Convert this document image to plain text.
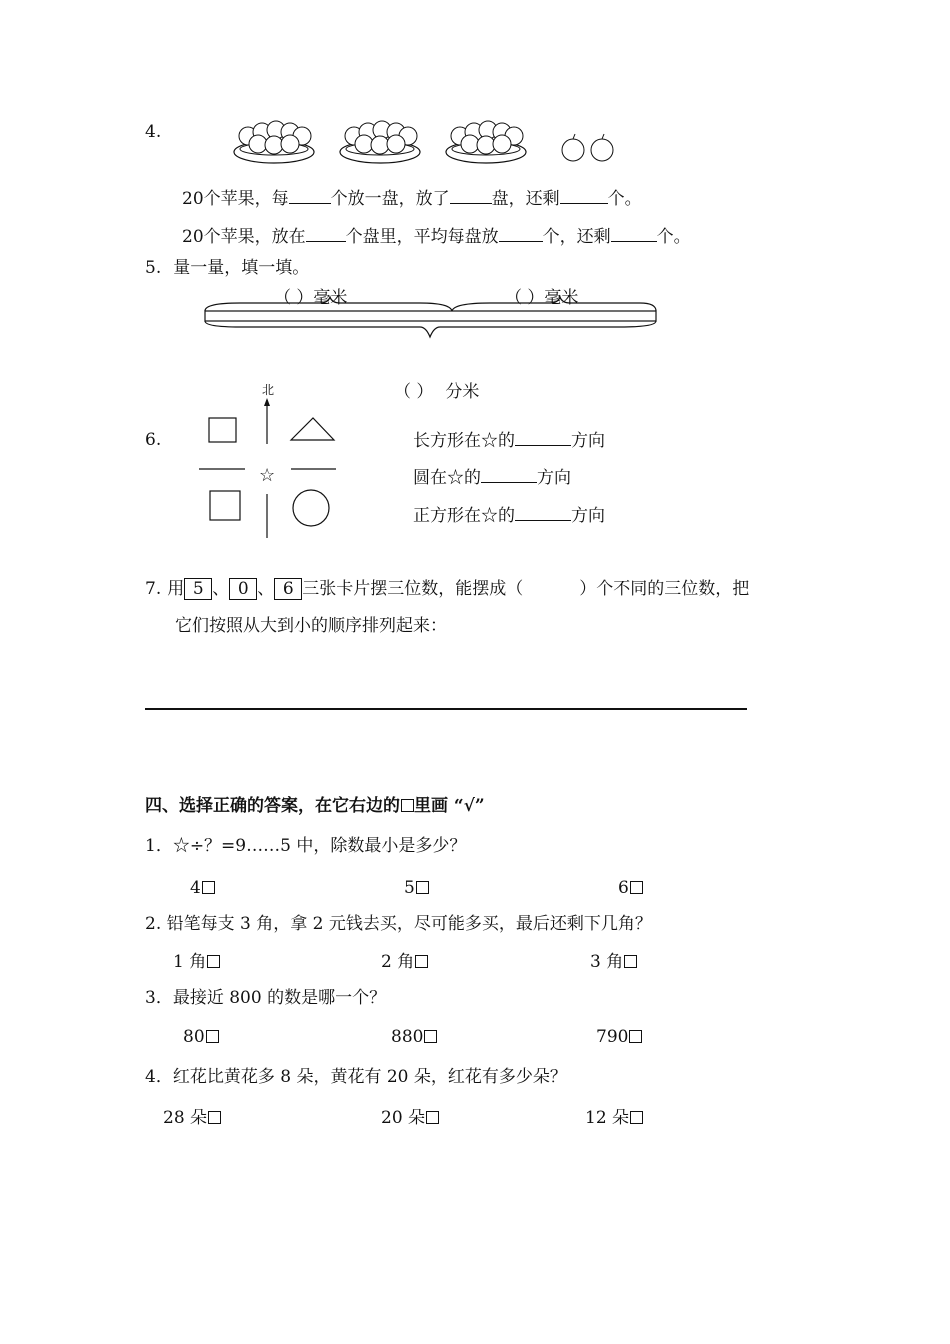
4.
20个苹果，每 个放一盘，放了 盘，还剩	个。
20个苹果，放在 个盘里，平均每盘放	个，还剩	个。
5. 量一量，填一填。
（ ）毫米	（ ）毫米
（ ） 分米
6.
北
☆
长方形在☆的	方向
圆在☆的	方向
正方形在☆的	方向
7. 用 5 、 0 、 6 三张卡片摆三位数，能摆成（	）个不同的三位数，把
它们按照从大到小的顺序排列起来：
四、选择正确的答案，在它右边的 里画 “√”
1．☆÷？=9……5 中，除数最小是多少？
4	5	6
2. 铅笔每支 3 角，拿 2 元钱去买，尽可能多买，最后还剩下几角？
1 角	2 角	3 角
3．最接近 800 的数是哪一个？
80	880	790
4．红花比黄花多 8 朵，黄花有 20 朵，红花有多少朵？
28 朵	20 朵	12 朵
